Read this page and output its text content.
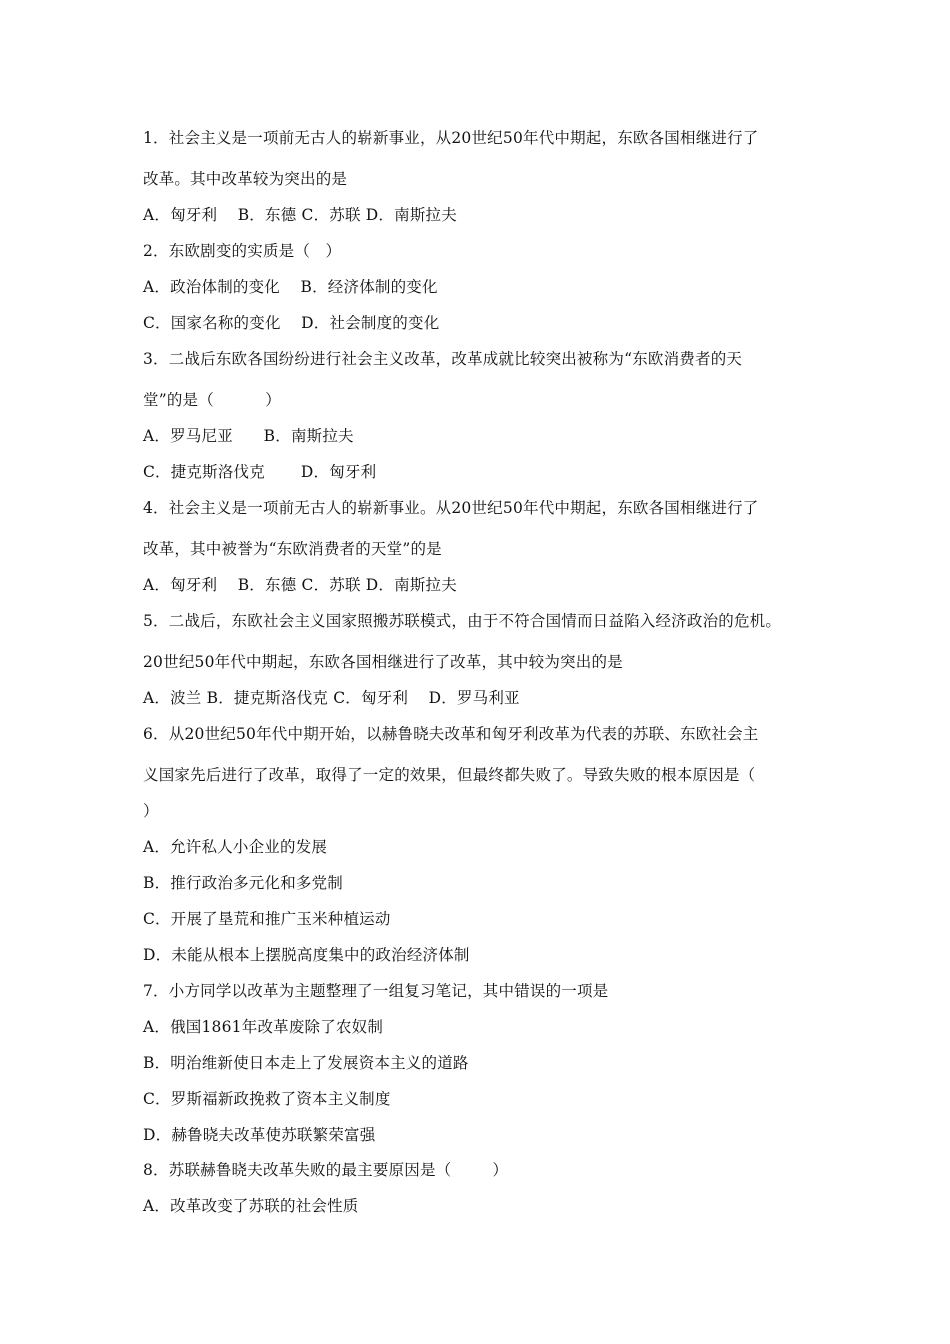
1．社会主义是一项前无古人的崭新事业，从20世纪50年代中期起，东欧各国相继进行了
改革。其中改革较为突出的是
A．匈牙利    B．东德 C．苏联 D．南斯拉夫
2．东欧剧变的实质是（   ）
A．政治体制的变化    B．经济体制的变化
C．国家名称的变化    D．社会制度的变化
3．二战后东欧各国纷纷进行社会主义改革，改革成就比较突出被称为“东欧消费者的天
堂”的是（          ）
A．罗马尼亚      B．南斯拉夫
C．捷克斯洛伐克       D．匈牙利
4．社会主义是一项前无古人的崭新事业。从20世纪50年代中期起，东欧各国相继进行了
改革，其中被誉为“东欧消费者的天堂”的是
A．匈牙利    B．东德 C．苏联 D．南斯拉夫
5．二战后，东欧社会主义国家照搬苏联模式，由于不符合国情而日益陷入经济政治的危机。
20世纪50年代中期起，东欧各国相继进行了改革，其中较为突出的是
A．波兰 B．捷克斯洛伐克 C．匈牙利    D．罗马利亚
6．从20世纪50年代中期开始，以赫鲁晓夫改革和匈牙利改革为代表的苏联、东欧社会主
义国家先后进行了改革，取得了一定的效果，但最终都失败了。导致失败的根本原因是（
）
A．允许私人小企业的发展
B．推行政治多元化和多党制
C．开展了垦荒和推广玉米种植运动
D．未能从根本上摆脱高度集中的政治经济体制
7．小方同学以改革为主题整理了一组复习笔记，其中错误的一项是
A．俄国1861年改革废除了农奴制
B．明治维新使日本走上了发展资本主义的道路
C．罗斯福新政挽救了资本主义制度
D．赫鲁晓夫改革使苏联繁荣富强
8．苏联赫鲁晓夫改革失败的最主要原因是（        ）
A．改革改变了苏联的社会性质
